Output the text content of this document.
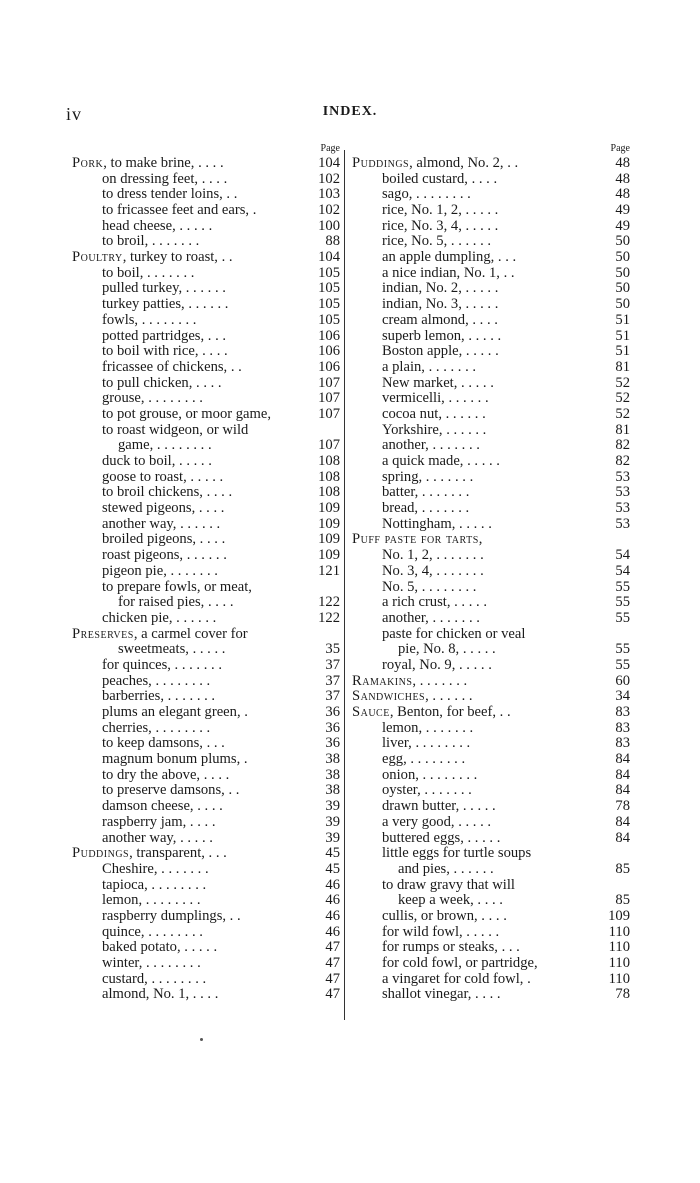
iv	INDEX.
Page
Pork, to make brine, . . . .	104
on dressing feet, . . . .	102
to dress tender loins, . .	103
to fricassee feet and ears, .	102
head cheese, . . . . .	100
to broil, . . . . . . .	88
Poultry, turkey to roast, . .	104
to boil, . . . . . . .	105
pulled turkey, . . . . . .	105
turkey patties, . . . . . .	105
fowls, . . . . . . . .	105
potted partridges, . . .	106
to boil with rice, . . . .	106
fricassee of chickens, . .	106
to pull chicken, . . . .	107
grouse, . . . . . . . .	107
to pot grouse, or moor game,	107
to roast widgeon, or wild
game, . . . . . . . .	107
duck to boil, . . . . .	108
goose to roast, . . . . .	108
to broil chickens, . . . .	108
stewed pigeons, . . . .	109
another way, . . . . . .	109
broiled pigeons, . . . .	109
roast pigeons, . . . . . .	109
pigeon pie, . . . . . . .	121
to prepare fowls, or meat,
for raised pies, . . . .	122
chicken pie, . . . . . .	122
Preserves, a carmel cover for
sweetmeats, . . . . .	35
for quinces, . . . . . . .	37
peaches, . . . . . . . .	37
barberries, . . . . . . .	37
plums an elegant green, .	36
cherries, . . . . . . . .	36
to keep damsons, . . .	36
magnum bonum plums, .	38
to dry the above, . . . .	38
to preserve damsons, . .	38
damson cheese, . . . .	39
raspberry jam, . . . .	39
another way, . . . . .	39
Puddings, transparent, . . .	45
Cheshire, . . . . . . .	45
tapioca, . . . . . . . .	46
lemon, . . . . . . . .	46
raspberry dumplings, . .	46
quince, . . . . . . . .	46
baked potato, . . . . .	47
winter, . . . . . . . .	47
custard, . . . . . . . .	47
almond, No. 1, . . . .	47
Page
Puddings, almond, No. 2, . .	48
boiled custard, . . . .	48
sago, . . . . . . . .	48
rice, No. 1, 2, . . . . .	49
rice, No. 3, 4, . . . . .	49
rice, No. 5, . . . . . .	50
an apple dumpling, . . .	50
a nice indian, No. 1, . .	50
indian, No. 2, . . . . .	50
indian, No. 3, . . . . .	50
cream almond, . . . .	51
superb lemon, . . . . .	51
Boston apple, . . . . .	51
a plain, . . . . . . .	81
New market, . . . . .	52
vermicelli, . . . . . .	52
cocoa nut, . . . . . .	52
Yorkshire, . . . . . .	81
another, . . . . . . .	82
a quick made, . . . . .	82
spring, . . . . . . .	53
batter, . . . . . . .	53
bread, . . . . . . .	53
Nottingham, . . . . .	53
Puff paste for tarts,
No. 1, 2, . . . . . . .	54
No. 3, 4, . . . . . . .	54
No. 5, . . . . . . . .	55
a rich crust, . . . . .	55
another, . . . . . . .	55
paste for chicken or veal
pie, No. 8, . . . . .	55
royal, No. 9, . . . . .	55
Ramakins, . . . . . . .	60
Sandwiches, . . . . . .	34
Sauce, Benton, for beef, . .	83
lemon, . . . . . . .	83
liver, . . . . . . . .	83
egg, . . . . . . . .	84
onion, . . . . . . . .	84
oyster, . . . . . . .	84
drawn butter, . . . . .	78
a very good, . . . . .	84
buttered eggs, . . . . .	84
little eggs for turtle soups
and pies, . . . . . .	85
to draw gravy that will
keep a week, . . . .	85
cullis, or brown, . . . .	109
for wild fowl, . . . . .	110
for rumps or steaks, . . .	110
for cold fowl, or partridge,	110
a vingaret for cold fowl, .	110
shallot vinegar, . . . .	78
